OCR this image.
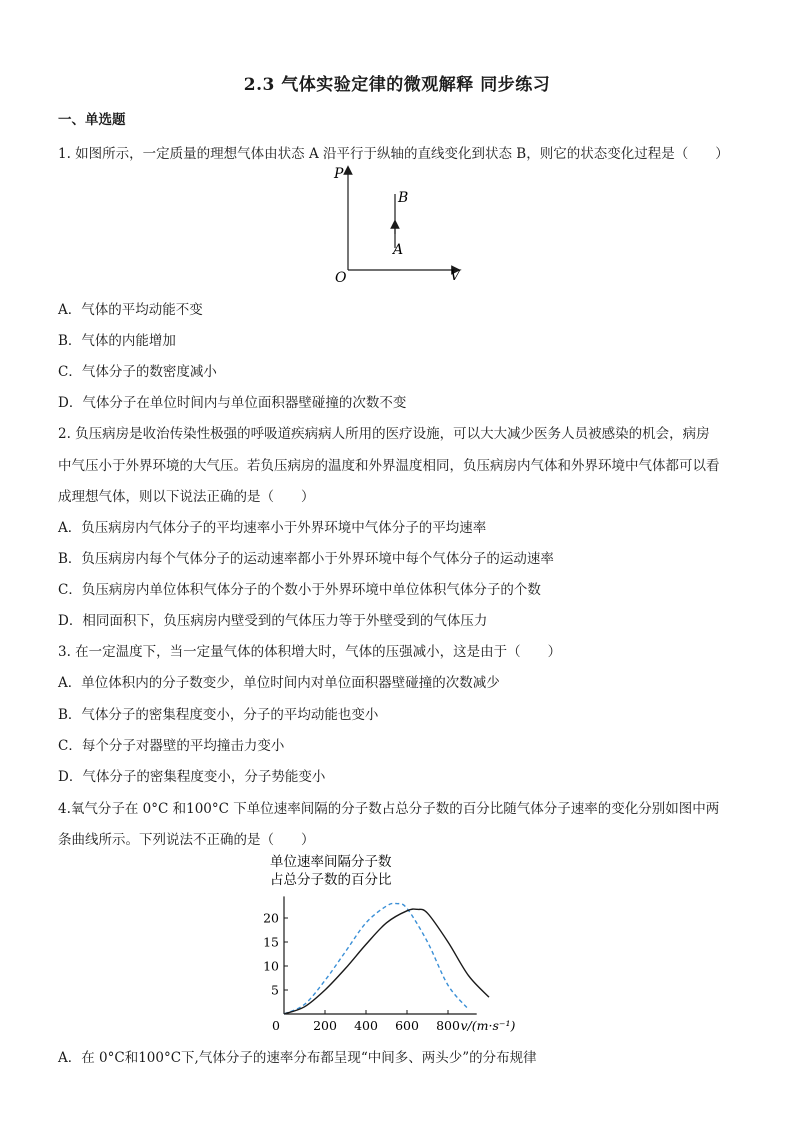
2.3 气体实验定律的微观解释 同步练习
一、单选题
1. 如图所示，一定质量的理想气体由状态 A 沿平行于纵轴的直线变化到状态 B，则它的状态变化过程是（　　）
P
V
O
B
A
A．气体的平均动能不变
B．气体的内能增加
C．气体分子的数密度减小
D．气体分子在单位时间内与单位面积器壁碰撞的次数不变
2. 负压病房是收治传染性极强的呼吸道疾病病人所用的医疗设施，可以大大减少医务人员被感染的机会，病房
中气压小于外界环境的大气压。若负压病房的温度和外界温度相同，负压病房内气体和外界环境中气体都可以看
成理想气体，则以下说法正确的是（　　）
A．负压病房内气体分子的平均速率小于外界环境中气体分子的平均速率
B．负压病房内每个气体分子的运动速率都小于外界环境中每个气体分子的运动速率
C．负压病房内单位体积气体分子的个数小于外界环境中单位体积气体分子的个数
D．相同面积下，负压病房内壁受到的气体压力等于外壁受到的气体压力
3. 在一定温度下，当一定量气体的体积增大时，气体的压强减小，这是由于（　　）
A．单位体积内的分子数变少，单位时间内对单位面积器壁碰撞的次数减少
B．气体分子的密集程度变小，分子的平均动能也变小
C．每个分子对器壁的平均撞击力变小
D．气体分子的密集程度变小，分子势能变小
4.氧气分子在 0°C 和100°C 下单位速率间隔的分子数占总分子数的百分比随气体分子速率的变化分别如图中两
条曲线所示。下列说法不正确的是（　　）
单位速率间隔分子数
占总分子数的百分比
20
15
10
5
0	200 400 600 800 v/(m·s⁻¹)
A．在 0°C和100°C下,气体分子的速率分布都呈现“中间多、两头少”的分布规律
